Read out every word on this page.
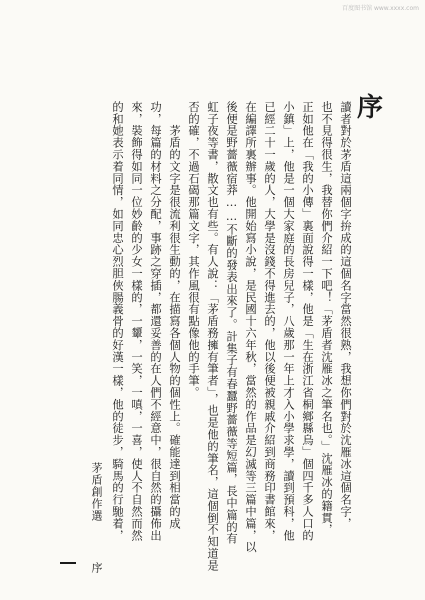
百度图书馆 www.xxxx.com
序
讀者對於茅盾這兩個字拚成的這個名字當然很熟，我想你們對於沈雁冰這個名字，
也不見得很生，我替你們介紹一下吧！「茅盾者沈雁冰之筆名也。」沈雁冰的籍貫，
正如他在「我的小傳」裏面說得一樣，他是「生在浙江省桐鄉縣烏」個四千多人口的
小鎮」上，他是一個大家庭的長房兒子，八歲那一年上才入小學求學，讀到預科，他
已經二十一歲的人，大學是沒錢不得進去的，他以後便被親戚介紹到商務印書館來，
在編譯所裏辦事。他開始寫小說，是民國十六年秋，當然的作品是幻滅等三篇中篇，以
後便是野薔薇宿莽……不斷的發表出來了。計集子有春蠶野薔薇等短篇，長中篇的有
虹子夜等書，散文也有些。有人說：「茅盾務擁有筆者」，也是他的筆名，這個倒不知道是
否的確，不過石碣那篇文字，其作風很有點像他的手筆。
　　茅盾的文字是很流利很生動的，在描寫各個人物的個性上。確能達到相當的成
功，每篇的材料之分配，事跡之穿插，都還妥善的在人們不經意中，很自然的攝佈出
來，裝飾得如同一位妙齡的少女一樣的，一顰，一笑，一嗔，一喜，使人不自然而然
的和她表示着同情，如同忠心烈胆俠腸義骨的好漢一樣，他的徒步，騎馬的行馳着，
茅盾創作選序
